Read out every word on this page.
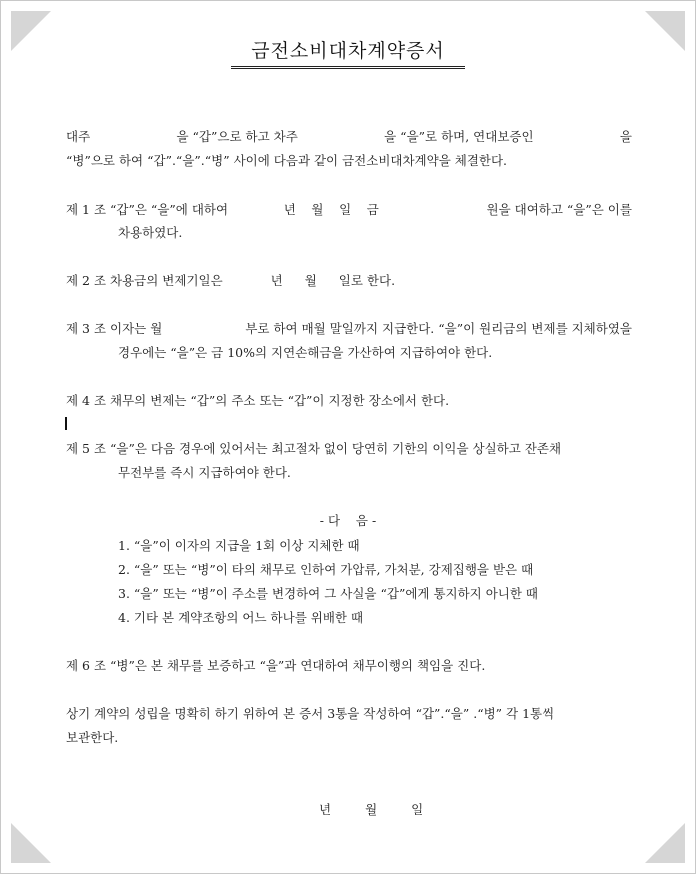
금전소비대차계약증서
대주	을 “갑”으로 하고 차주	을 “을”로 하며, 연대보증인	을
“병”으로 하여 “갑”.“을”.“병” 사이에 다음과 같이 금전소비대차계약을 체결한다.
제 1 조 “갑”은 “을”에 대하여	년 월 일 금	원을 대여하고 “을”은 이를
차용하였다.
제 2 조 차용금의 변제기일은	년 월 일로 한다.
제 3 조 이자는 월	부로 하여 매월 말일까지 지급한다. “을”이 원리금의 변제를 지체하였을
경우에는 “을”은 금 10%의 지연손해금을 가산하여 지급하여야 한다.
제 4 조 채무의 변제는 “갑”의 주소 또는 “갑”이 지정한 장소에서 한다.
제 5 조 “을”은 다음 경우에 있어서는 최고절차 없이 당연히 기한의 이익을 상실하고 잔존채
무전부를 즉시 지급하여야 한다.
- 다    음 -
1. “을”이 이자의 지급을 1회 이상 지체한 때
2. “을” 또는 “병”이 타의 채무로 인하여 가압류, 가처분, 강제집행을 받은 때
3. “을” 또는 “병”이 주소를 변경하여 그 사실을 “갑”에게 통지하지 아니한 때
4. 기타 본 계약조항의 어느 하나를 위배한 때
제 6 조 “병”은 본 채무를 보증하고 “을”과 연대하여 채무이행의 책임을 진다.
상기 계약의 성립을 명확히 하기 위하여 본 증서 3통을 작성하여 “갑”.“을” .“병” 각 1통씩
보관한다.
년	월	일
